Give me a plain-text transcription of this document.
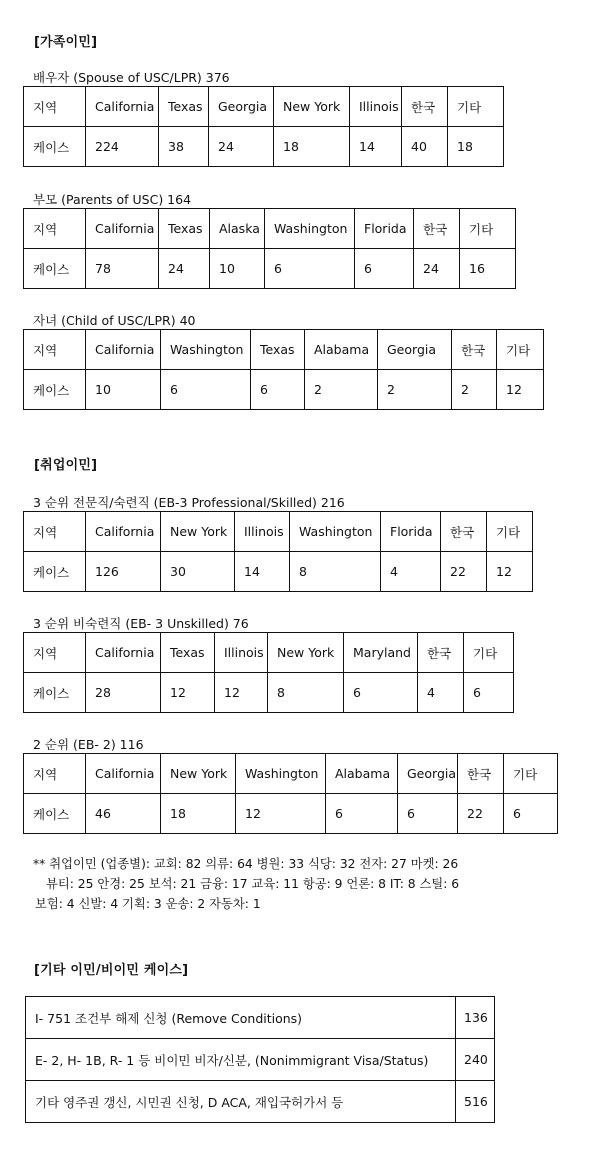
[가족이민]
배우자 (Spouse of USC/LPR) 376
지역	California	Texas	Georgia	New York	Illinois	한국	기타
케이스	224	38	24	18	14	40	18
부모 (Parents of USC) 164
지역	California	Texas	Alaska	Washington	Florida	한국	기타
케이스	78	24	10	6	6	24	16
자녀 (Child of USC/LPR) 40
지역	California	Washington	Texas	Alabama	Georgia	한국	기타
케이스	10	6	6	2	2	2	12
[취업이민]
3 순위 전문직/숙련직 (EB-3 Professional/Skilled) 216
지역	California	New York	Illinois	Washington	Florida	한국	기타
케이스	126	30	14	8	4	22	12
3 순위 비숙련직 (EB- 3 Unskilled) 76
지역	California	Texas	Illinois	New York	Maryland	한국	기타
케이스	28	12	12	8	6	4	6
2 순위 (EB- 2) 116
지역	California	New York	Washington	Alabama	Georgia	한국	기타
케이스	46	18	12	6	6	22	6
** 취업이민 (업종별): 교회: 82 의류: 64 병원: 33 식당: 32 전자: 27 마켓: 26
뷰티: 25 안경: 25 보석: 21 금융: 17 교육: 11 항공: 9 언론: 8 IT: 8 스틸: 6
보험: 4 신발: 4 기획: 3 운송: 2 자동차: 1
[기타 이민/비이민 케이스]
I- 751 조건부 해제 신청 (Remove Conditions)	136
E- 2, H- 1B, R- 1 등 비이민 비자/신분, (Nonimmigrant Visa/Status)	240
기타 영주권 갱신, 시민권 신청, D ACA, 재입국허가서 등	516
